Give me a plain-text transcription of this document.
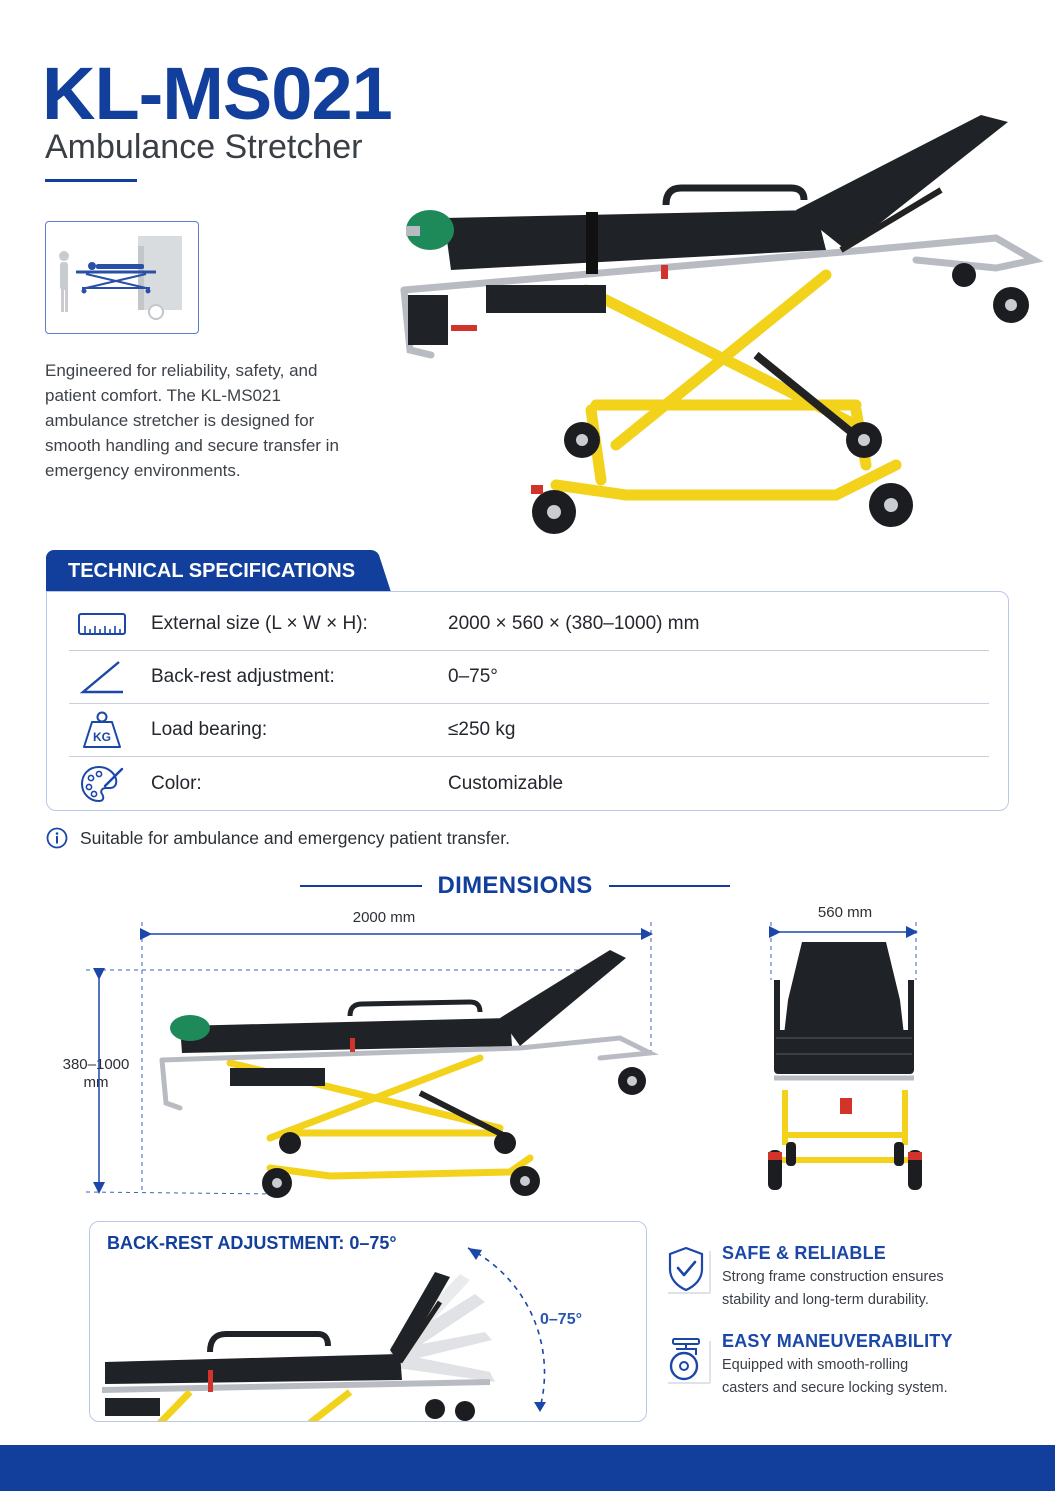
KL-MS021
Ambulance Stretcher
Engineered for reliability, safety, and patient comfort. The KL-MS021 ambulance stretcher is designed for smooth handling and secure transfer in emergency environments.
TECHNICAL SPECIFICATIONS
External size (L × W × H):	2000 × 560 × (380–1000) mm
Back-rest adjustment:	0–75°
KG Load bearing:	≤250 kg
Color:	Customizable
Suitable for ambulance and emergency patient transfer.
DIMENSIONS
2000 mm	560 mm
380–1000
mm
BACK-REST ADJUSTMENT: 0–75°
0–75°
SAFE & RELIABLE
Strong frame construction ensures
stability and long-term durability.
EASY MANEUVERABILITY
Equipped with smooth-rolling
casters and secure locking system.
